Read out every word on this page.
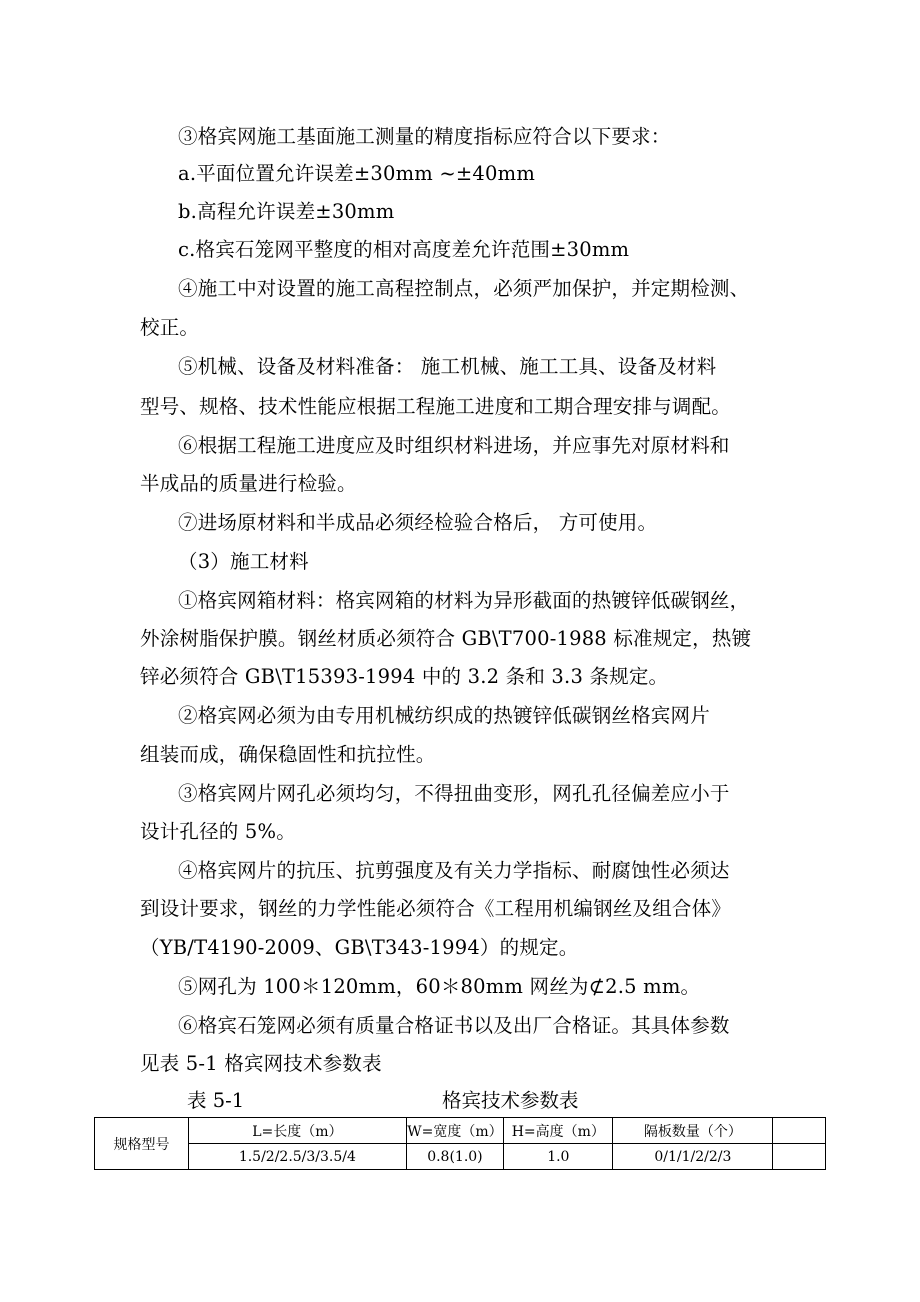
③格宾网施工基面施工测量的精度指标应符合以下要求：

a.平面位置允许误差±30mm ~±40mm

b.高程允许误差±30mm

c.格宾石笼网平整度的相对高度差允许范围±30mm

④施工中对设置的施工高程控制点，必须严加保护，并定期检测、

校正。

⑤机械、设备及材料准备： 施工机械、施工工具、设备及材料

型号、规格、技术性能应根据工程施工进度和工期合理安排与调配。

⑥根据工程施工进度应及时组织材料进场，并应事先对原材料和

半成品的质量进行检验。

⑦进场原材料和半成品必须经检验合格后， 方可使用。

（3）施工材料

①格宾网箱材料：格宾网箱的材料为异形截面的热镀锌低碳钢丝，

外涂树脂保护膜。钢丝材质必须符合 GB\T700-1988 标准规定，热镀

锌必须符合 GB\T15393-1994 中的 3.2 条和 3.3 条规定。

②格宾网必须为由专用机械纺织成的热镀锌低碳钢丝格宾网片

组装而成，确保稳固性和抗拉性。

③格宾网片网孔必须均匀，不得扭曲变形，网孔孔径偏差应小于

设计孔径的 5%。

④格宾网片的抗压、抗剪强度及有关力学指标、耐腐蚀性必须达

到设计要求，钢丝的力学性能必须符合《工程用机编钢丝及组合体》

（YB/T4190-2009、GB\T343-1994）的规定。

⑤网孔为 100＊120mm，60＊80mm 网丝为⊄2.5 mm。

⑥格宾石笼网必须有质量合格证书以及出厂合格证。其具体参数

见表 5-1 格宾网技术参数表

表 5-1	格宾技术参数表
规格型号	L=长度（m）	W=宽度（m）	H=高度（m）	隔板数量（个）	
	1.5/2/2.5/3/3.5/4	0.8(1.0)	1.0	0/1/1/2/2/3	
